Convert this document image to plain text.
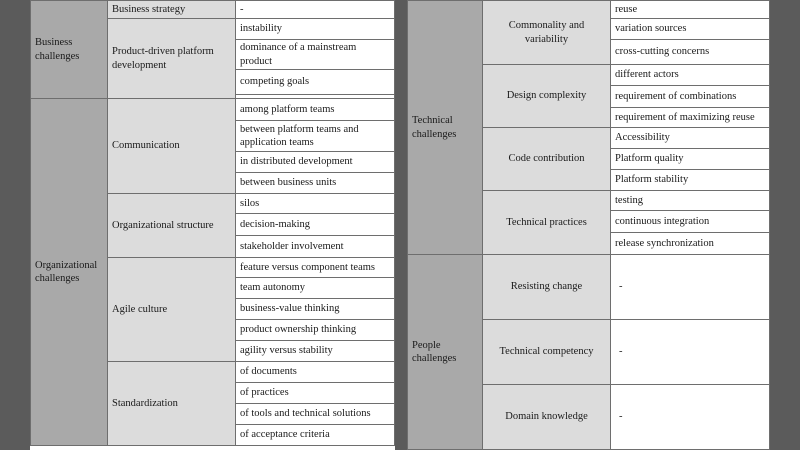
Business challenges	Business strategy	-
	Product-driven platform development	instability
		dominance of a mainstream product
		competing goals

Organizational challenges	Communication	among platform teams
		between platform teams and application teams
		in distributed development
		between business units
	Organizational structure	silos
		decision-making
		stakeholder involvement
	Agile culture	feature versus component teams
		team autonomy
		business-value thinking
		product ownership thinking
		agility versus stability
	Standardization	of documents
		of practices
		of tools and technical solutions
		of acceptance criteria
Technical challenges	Commonality and variability	reuse
		variation sources
		cross-cutting concerns
	Design complexity	different actors
		requirement of combinations
		requirement of maximizing reuse
	Code contribution	Accessibility
		Platform quality
		Platform stability
	Technical practices	testing
		continuous integration
		release synchronization
People challenges	Resisting change	-
	Technical competency	-
	Domain knowledge	-
